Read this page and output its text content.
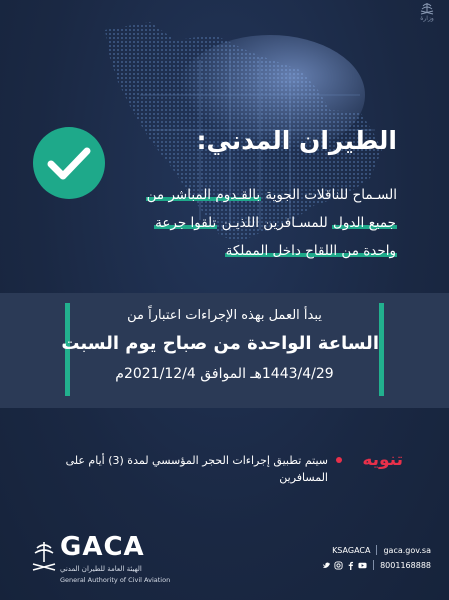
وزارة
الطيران المدني:
السـماح للناقلات الجوية بالقـدوم المباشر من
جميع الدول للمسـافرين اللذيـن تلقوا جرعة
واحدة من اللقاح داخل المملكة
يبدأ العمل بهذه الإجراءات اعتباراً من
الساعة الواحدة من صباح يوم السبت
1443/4/29هـ الموافق 2021/12/4م
تنويه
سيتم تطبيق إجراءات الحجر المؤسسي لمدة (3) أيام على المسافرين
GACA
الهيئة العامة للطيران المدني
General Authority of Civil Aviation
KSAGACA gaca.gov.sa
8001168888
